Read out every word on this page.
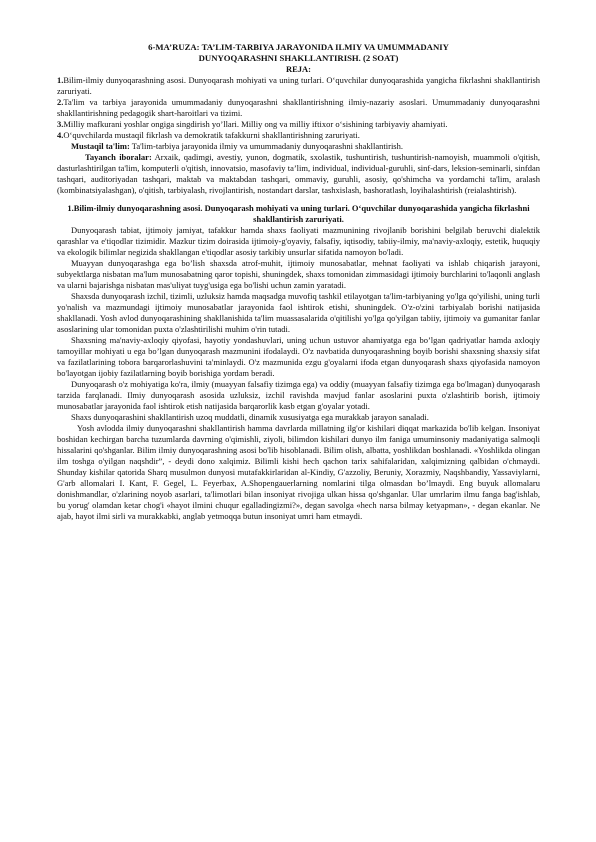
6-MA’RUZA: TA’LIM-TARBIYA JARAYONIDA ILMIY VA UMUMMADANIY

DUNYOQARASHNI SHAKLLANTIRISH. (2 SOAT)

REJA:

1.Bilim-ilmiy dunyoqarashning asosi. Dunyoqarash mohiyati va uning turlari. O‘quvchilar dunyoqarashida yangicha fikrlashni shakllantirish zaruriyati.

2.Ta'lim va tarbiya jarayonida umummadaniy dunyoqarashni shakllantirishning ilmiy-nazariy asoslari. Umummadaniy dunyoqarashni shakllantirishning pedagogik shart-haroitlari va tizimi.

3.Milliy mafkurani yoshlar ongiga singdirish yo’llari. Milliy ong va milliy iftixor o‘sishining tarbiyaviy ahamiyati.

4.O‘quvchilarda mustaqil fikrlash va demokratik tafakkurni shakllantirishning zaruriyati.

Mustaqil ta'lim: Ta'lim-tarbiya jarayonida ilmiy va umummadaniy dunyoqarashni shakllantirish.

Tayanch iboralar: Arxaik, qadimgi, avestiy, yunon, dogmatik, sxolastik, tushuntirish, tushuntirish-namoyish, muammoli o'qitish, dasturlashtirilgan ta'lim, komputerli o'qitish, innovatsio, masofaviy ta’lim, individual, individual-guruhli, sinf-dars, leksion-seminarli, sinfdan tashqari, auditoriyadan tashqari, maktab va maktabdan tashqari, ommaviy, guruhli, asosiy, qo'shimcha va yordamchi ta'lim, aralash (kombinatsiyalashgan), o'qitish, tarbiyalash, rivojlantirish, nostandart darslar, tashxislash, bashoratlash, loyihalashtirish (reialashtirish).

1.Bilim-ilmiy dunyoqarashning asosi. Dunyoqarash mohiyati va uning turlari. O‘quvchilar dunyoqarashida yangicha fikrlashni shakllantirish zaruriyati.

Dunyoqarash tabiat, ijtimoiy jamiyat, tafakkur hamda shaxs faoliyati mazmunining rivojlanib borishini belgilab beruvchi dialektik qarashlar va e'tiqodlar tizimidir. Mazkur tizim doirasida ijtimoiy-g'oyaviy, falsafiy, iqtisodiy, tabiiy-ilmiy, ma'naviy-axloqiy, estetik, huquqiy va ekologik bilimlar negizida shakllangan e'tiqodlar asosiy tarkibiy unsurlar sifatida namoyon bo'ladi.

Muayyan dunyoqarashga ega bo’lish shaxsda atrof-muhit, ijtimoiy munosabatlar, mehnat faoliyati va ishlab chiqarish jarayoni, subyektlarga nisbatan ma'lum munosabatning qaror topishi, shuningdek, shaxs tomonidan zimmasidagi ijtimoiy burchlarini to'laqonli anglash va ularni bajarishga nisbatan mas'uliyat tuyg'usiga ega bo'lishi uchun zamin yaratadi.

Shaxsda dunyoqarash izchil, tizimli, uzluksiz hamda maqsadga muvofiq tashkil etilayotgan ta'lim-tarbiyaning yo'lga qo'yilishi, uning turli yo'nalish va mazmundagi ijtimoiy munosabatlar jarayonida faol ishtirok etishi, shuningdek. O'z-o'zini tarbiyalab borishi natijasida shakllanadi. Yosh avlod dunyoqarashining shakllanishida ta'lim muassasalarida o'qitilishi yo'lga qo'yilgan tabiiy, ijtimoiy va gumanitar fanlar asoslarining ular tomonidan puxta o'zlashtirilishi muhim o'rin tutadi.

Shaxsning ma'naviy-axloqiy qiyofasi, hayotiy yondashuvlari, uning uchun ustuvor ahamiyatga ega bo’lgan qadriyatlar hamda axloqiy tamoyillar mohiyati u ega bo’lgan dunyoqarash mazmunini ifodalaydi. O'z navbatida dunyoqarashning boyib borishi shaxsning shaxsiy sifat va fazilatlarining tobora barqarorlashuvini ta'minlaydi. O'z mazmunida ezgu g'oyalarni ifoda etgan dunyoqarash shaxs qiyofasida namoyon bo'layotgan ijobiy fazilatlarning boyib borishiga yordam beradi.

Dunyoqarash o'z mohiyatiga ko'ra, ilmiy (muayyan falsafiy tizimga ega) va oddiy (muayyan falsafiy tizimga ega bo'lmagan) dunyoqarash tarzida farqlanadi. Ilmiy dunyoqarash asosida uzluksiz, izchil ravishda mavjud fanlar asoslarini puxta o'zlashtirib borish, ijtimoiy munosabatlar jarayonida faol ishtirok etish natijasida barqarorlik kasb etgan g'oyalar yotadi.

Shaxs dunyoqarashini shakllantirish uzoq muddatli, dinamik xususiyatga ega murakkab jarayon sanaladi.

Yosh avlodda ilmiy dunyoqarashni shakllantirish hamma davrlarda millatning ilg'or kishilari diqqat markazida bo'lib kelgan. Insoniyat boshidan kechirgan barcha tuzumlarda davrning o'qimishli, ziyoli, bilimdon kishilari dunyo ilm faniga umuminsoniy madaniyatiga salmoqli hissalarini qo'shganlar. Bilim ilmiy dunyoqarashning asosi bo'lib hisoblanadi. Bilim olish, albatta, yoshlikdan boshlanadi. «Yoshlikda olingan ilm toshga o'yilgan naqshdir”, - deydi dono xalqimiz. Bilimli kishi hech qachon tarix sahifalaridan, xalqimizning qalbidan o'chmaydi. Shunday kishilar qatorida Sharq musulmon dunyosi mutafakkirlaridan al-Kindiy, G'azzoliy, Beruniy, Xorazmiy, Naqshbandiy, Yassaviylarni, G'arb allomalari I. Kant, F. Gegel, L. Feyerbax, A.Shopengauerlarning nomlarini tilga olmasdan bo’lmaydi. Eng buyuk allomalaru donishmandlar, o'zlarining noyob asarlari, ta'limotlari bilan insoniyat rivojiga ulkan hissa qo'shganlar. Ular umrlarim ilmu fanga bag'ishlab, bu yorug' olamdan ketar chog'i «hayot ilmini chuqur egalladingizmi?», degan savolga «hech narsa bilmay ketyapman», - degan ekanlar. Ne ajab, hayot ilmi sirli va murakkabki, anglab yetmoqqa butun insoniyat umri ham etmaydi.
